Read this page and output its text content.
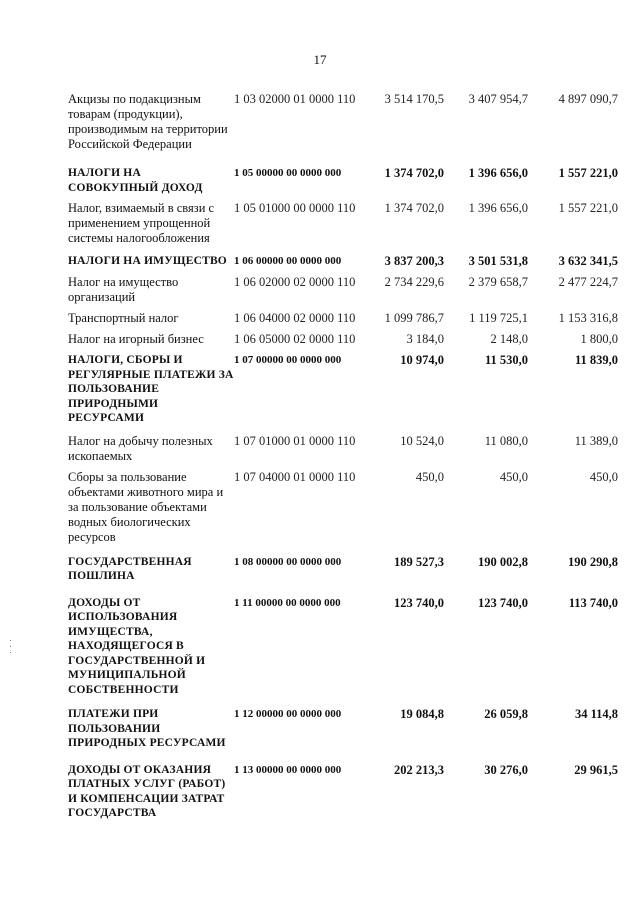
17
Акцизы по подакцизным товарам (продукции), производимым на территории Российской Федерации	1 03 02000 01 0000 110	3 514 170,5	3 407 954,7	4 897 090,7
НАЛОГИ НА СОВОКУПНЫЙ ДОХОД	1 05 00000 00 0000 000	1 374 702,0	1 396 656,0	1 557 221,0
Налог, взимаемый в связи с применением упрощенной системы налогообложения	1 05 01000 00 0000 110	1 374 702,0	1 396 656,0	1 557 221,0
НАЛОГИ НА ИМУЩЕСТВО	1 06 00000 00 0000 000	3 837 200,3	3 501 531,8	3 632 341,5
Налог на имущество организаций	1 06 02000 02 0000 110	2 734 229,6	2 379 658,7	2 477 224,7
Транспортный налог	1 06 04000 02 0000 110	1 099 786,7	1 119 725,1	1 153 316,8
Налог на игорный бизнес	1 06 05000 02 0000 110	3 184,0	2 148,0	1 800,0
НАЛОГИ, СБОРЫ И РЕГУЛЯРНЫЕ ПЛАТЕЖИ ЗА ПОЛЬЗОВАНИЕ ПРИРОДНЫМИ РЕСУРСАМИ	1 07 00000 00 0000 000	10 974,0	11 530,0	11 839,0
Налог на добычу полезных ископаемых	1 07 01000 01 0000 110	10 524,0	11 080,0	11 389,0
Сборы за пользование объектами животного мира и за пользование объектами водных биологических ресурсов	1 07 04000 01 0000 110	450,0	450,0	450,0
ГОСУДАРСТВЕННАЯ ПОШЛИНА	1 08 00000 00 0000 000	189 527,3	190 002,8	190 290,8
ДОХОДЫ ОТ ИСПОЛЬЗОВАНИЯ ИМУЩЕСТВА, НАХОДЯЩЕГОСЯ В ГОСУДАРСТВЕННОЙ И МУНИЦИПАЛЬНОЙ СОБСТВЕННОСТИ	1 11 00000 00 0000 000	123 740,0	123 740,0	113 740,0
ПЛАТЕЖИ ПРИ ПОЛЬЗОВАНИИ ПРИРОДНЫХ РЕСУРСАМИ	1 12 00000 00 0000 000	19 084,8	26 059,8	34 114,8
ДОХОДЫ ОТ ОКАЗАНИЯ ПЛАТНЫХ УСЛУГ (РАБОТ) И КОМПЕНСАЦИИ ЗАТРАТ ГОСУДАРСТВА	1 13 00000 00 0000 000	202 213,3	30 276,0	29 961,5
